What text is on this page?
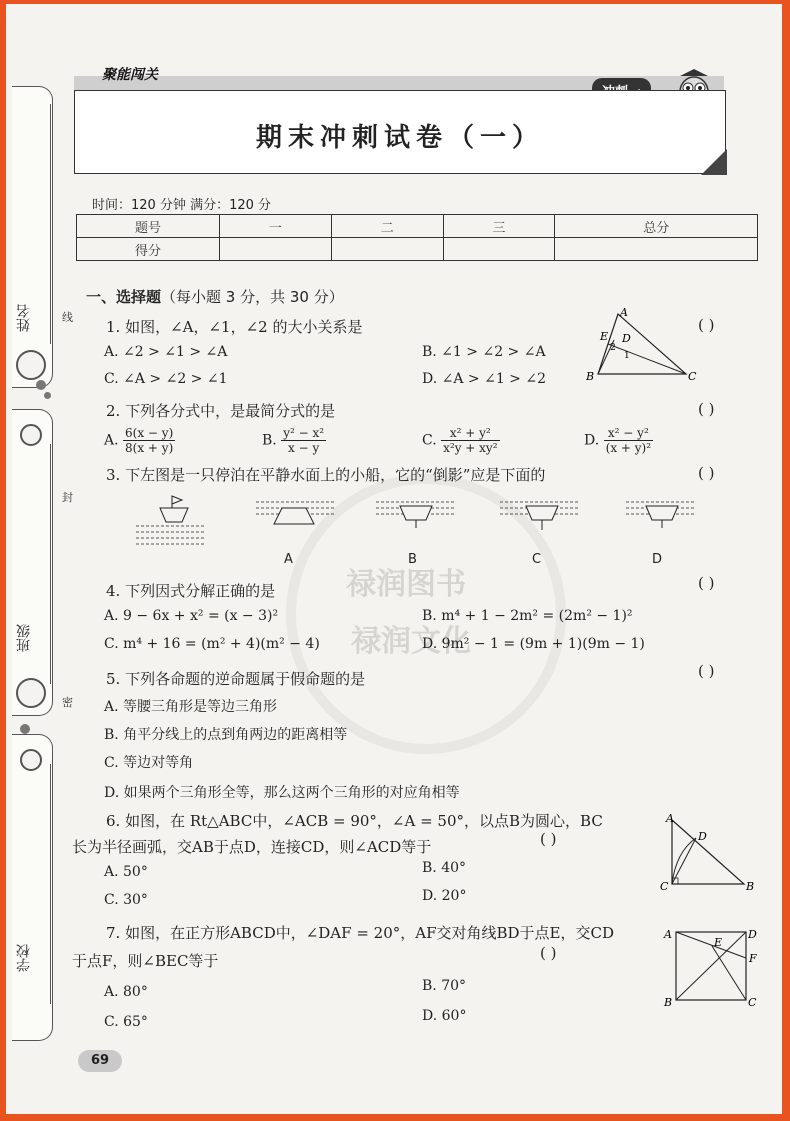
禄润图书
禄润文化
姓名
班级
学校
线
封
密
聚能闯关
期末冲刺试卷（一）
时间：120 分钟 满分：120 分
题号	一	二	三	总分
得分				
一、选择题（每小题 3 分，共 30 分）
1. 如图，∠A，∠1，∠2 的大小关系是	( )
A. ∠2 > ∠1 > ∠A	B. ∠1 > ∠2 > ∠A
C. ∠A > ∠2 > ∠1	D. ∠A > ∠1 > ∠2
A
E D
2
1
B	C
2. 下列各分式中，是最简分式的是	( )
A. $\frac{6(x - y)}{8(x + y)}$	B. $\frac{\text{y² − x²}}{x - y}$	C. $\frac{\text{x² + y²}}{\text{x²y + xy²}}$	D. $\frac{\text{x² − y²}}{\text{(x + y)²}}$
3. 下左图是一只停泊在平静水面上的小船，它的“倒影”应是下面的	( )
A	B	C	D
4. 下列因式分解正确的是	( )
A. 9 − 6x + x² = (x − 3)²	B. m⁴ + 1 − 2m² = (2m² − 1)²
C. m⁴ + 16 = (m² + 4)(m² − 4)	D. 9m² − 1 = (9m + 1)(9m − 1)
5. 下列各命题的逆命题属于假命题的是	( )
A. 等腰三角形是等边三角形
B. 角平分线上的点到角两边的距离相等
C. 等边对等角
D. 如果两个三角形全等，那么这两个三角形的对应角相等
6. 如图，在 Rt△ABC中，∠ACB = 90°，∠A = 50°，以点B为圆心，BC
长为半径画弧，交AB于点D，连接CD，则∠ACD等于	( )
A. 50°	B. 40°
C. 30°	D. 20°
A
D
C	B
7. 如图，在正方形ABCD中，∠DAF = 20°，AF交对角线BD于点E，交CD
于点F，则∠BEC等于	( )
A. 80°	B. 70°
C. 65°	D. 60°
A	D
E
F
B	C
69
